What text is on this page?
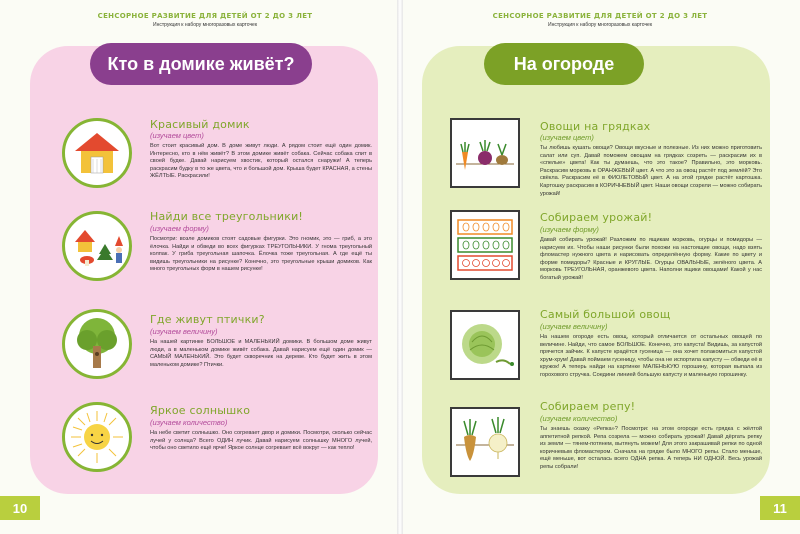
СЕНСОРНОЕ РАЗВИТИЕ ДЛЯ ДЕТЕЙ ОТ 2 ДО 3 ЛЕТ
Инструкция к набору многоразовых карточек
Красивый домик
(изучаем цвет)
Вот стоит красивый дом. В доме живут люди. А рядом стоит ещё один домик. Интересно, кто в нём живёт? В этом домике живёт собака. Сейчас собака спит в своей будке. Давай нарисуем хвостик, который остался снаружи! А теперь раскрасим будку в то же цвета, что и большой дом. Крыша будет КРАСНАЯ, а стены ЖЁЛТЫЕ. Раскрасили!
Найди все треугольники!
(изучаем форму)
Посмотри: возле домиков стоят садовые фигурки. Это гномик, это — гриб, а это ёлочка. Найди и обведи во всех фигурках ТРЕУГОЛЬНИКИ. У гнома треугольный колпак. У гриба треугольная шапочка. Ёлочка тоже треугольная. А где ещё ты видишь треугольники на рисунке? Конечно, это треугольные крыши домиков. Как много треугольных форм в нашем рисунке!
Где живут птички?
(изучаем величину)
На нашей картинке БОЛЬШОЕ и МАЛЕНЬКИЙ домики. В большом доме живут люди, а в маленьком домике живёт собака. Давай нарисуем ещё один домик — САМЫЙ МАЛЕНЬКИЙ. Это будет скворечник на дереве. Кто будет жить в этом маленьком домике? Птички.
Яркое солнышко
(изучаем количество)
На небе светит солнышко. Оно согревает двор и домики. Посмотри, сколько сейчас лучей у солнца? Всего ОДИН лучик. Давай нарисуем солнышку МНОГО лучей, чтобы оно светило ещё ярче! Яркое солнце согревает всё вокруг — как тепло!
10
Кто в домике живёт?
СЕНСОРНОЕ РАЗВИТИЕ ДЛЯ ДЕТЕЙ ОТ 2 ДО 3 ЛЕТ
Инструкция к набору многоразовых карточек
Овощи на грядках
(изучаем цвет)
Ты любишь кушать овощи? Овощи вкусные и полезные. Из них можно приготовить салат или суп. Давай поможем овощам на грядках созреть — раскрасим их в «спелые» цвета! Как ты думаешь, что это такое? Правильно, это морковь. Раскрасим морковь в ОРАНЖЕВЫЙ цвет. А что это за овощ растёт под землёй? Это свёкла. Раскрасим её в ФИОЛЕТОВЫЙ цвет. А на этой грядке растёт картошка. Картошку раскрасим в КОРИЧНЕВЫЙ цвет. Наши овощи созрели — можно собирать урожай!
Собираем урожай!
(изучаем форму)
Давай собирать урожай! Разложим по ящикам морковь, огурцы и помидоры — нарисуем их. Чтобы наши рисунки были похожи на настоящие овощи, надо взять фломастер нужного цвета и нарисовать определённую форму. Какие по цвету и форме помидоры? Красные и КРУГЛЫЕ. Огурцы ОВАЛЬНЫЕ, зелёного цвета. А морковь ТРЕУГОЛЬНАЯ, оранжевого цвета. Наполни ящики овощами! Какой у нас богатый урожай!
Самый большой овощ
(изучаем величину)
На нашем огороде есть овощ, который отличается от остальных овощей по величине. Найди, что самое БОЛЬШОЕ. Конечно, это капуста! Видишь, за капустой прячется зайчик. К капусте крадётся гусеница — она хочет полакомиться капустой хрум-хрум! Давай поймаем гусеницу, чтобы она не испортила капусту — обведи её в кружок! А теперь найди на картинке МАЛЕНЬКУЮ горошину, которая выпала из горохового стручка. Соедини линией большую капусту и маленькую горошинку.
Собираем репу!
(изучаем количество)
Ты знаешь сказку «Репка»? Посмотри: на этом огороде есть грядка с жёлтой аппетитной репкой. Репа созрела — можно собирать урожай! Давай дёргать репку из земли — тянем-потянем, вытянуть можем! Для этого закрашивай репки по одной коричневым фломастером. Сначала на грядке было МНОГО репы. Стало меньше, ещё меньше, вот осталась всего ОДНА репка. А теперь НИ ОДНОЙ. Весь урожай репы собрали!
11
На огороде
